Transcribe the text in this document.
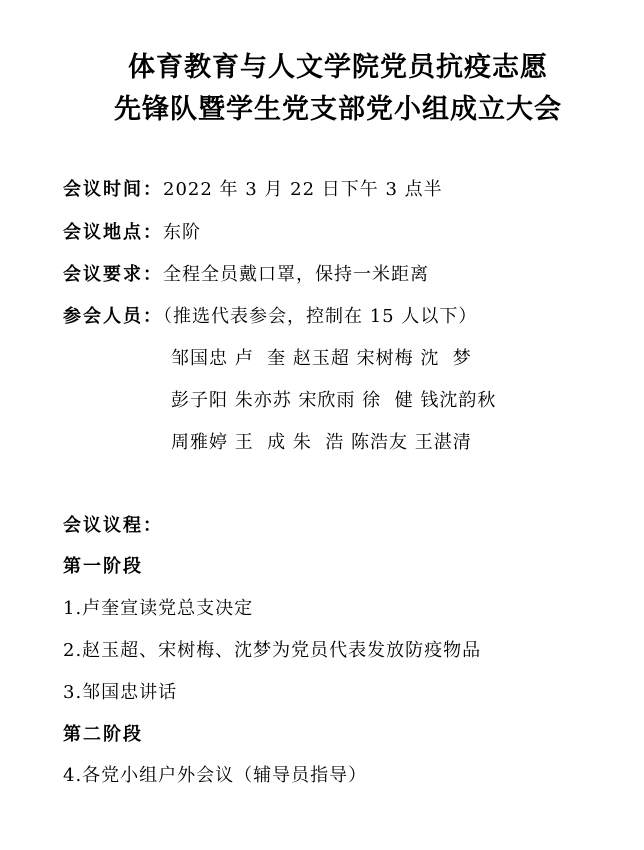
体育教育与人文学院党员抗疫志愿
先锋队暨学生党支部党小组成立大会
会议时间：2022 年 3 月 22 日下午 3 点半
会议地点：东阶
会议要求：全程全员戴口罩，保持一米距离
参会人员：（推选代表参会，控制在 15 人以下）
邹国忠 卢  奎 赵玉超 宋树梅 沈  梦
彭子阳 朱亦苏 宋欣雨 徐  健 钱沈韵秋
周雅婷 王  成 朱  浩 陈浩友 王湛清
会议议程：
第一阶段
1.卢奎宣读党总支决定
2.赵玉超、宋树梅、沈梦为党员代表发放防疫物品
3.邹国忠讲话
第二阶段
4.各党小组户外会议（辅导员指导）
